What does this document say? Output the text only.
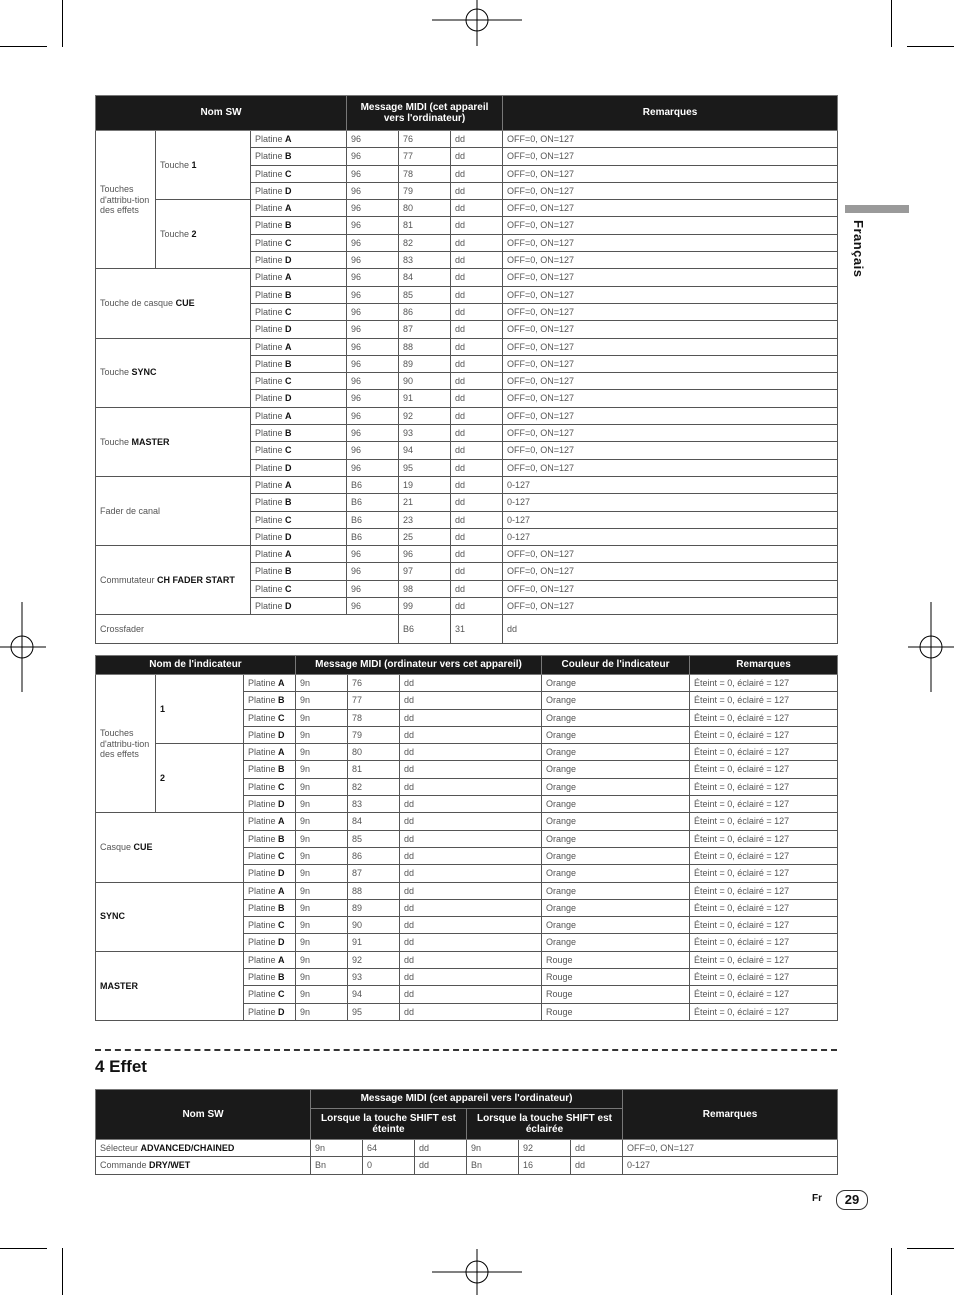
Nom SW			Message MIDI (cet appareil vers l'ordinateur)			Remarques	
Touches d'attribu-tion des effets	Touche 1	Platine A	96	76	dd	OFF=0, ON=127	
		Platine B	96	77	dd	OFF=0, ON=127	
		Platine C	96	78	dd	OFF=0, ON=127	
		Platine D	96	79	dd	OFF=0, ON=127	
	Touche 2	Platine A	96	80	dd	OFF=0, ON=127	
		Platine B	96	81	dd	OFF=0, ON=127	
		Platine C	96	82	dd	OFF=0, ON=127	
		Platine D	96	83	dd	OFF=0, ON=127	
Touche de casque CUE		Platine A	96	84	dd	OFF=0, ON=127	
		Platine B	96	85	dd	OFF=0, ON=127	
		Platine C	96	86	dd	OFF=0, ON=127	
		Platine D	96	87	dd	OFF=0, ON=127	
Touche SYNC		Platine A	96	88	dd	OFF=0, ON=127	
		Platine B	96	89	dd	OFF=0, ON=127	
		Platine C	96	90	dd	OFF=0, ON=127	
		Platine D	96	91	dd	OFF=0, ON=127	
Touche MASTER		Platine A	96	92	dd	OFF=0, ON=127	
		Platine B	96	93	dd	OFF=0, ON=127	
		Platine C	96	94	dd	OFF=0, ON=127	
		Platine D	96	95	dd	OFF=0, ON=127	
Fader de canal		Platine A	B6	19	dd	0-127	
		Platine B	B6	21	dd	0-127	
		Platine C	B6	23	dd	0-127	
		Platine D	B6	25	dd	0-127	
Commutateur CH FADER START		Platine A	96	96	dd	OFF=0, ON=127	
		Platine B	96	97	dd	OFF=0, ON=127	
		Platine C	96	98	dd	OFF=0, ON=127	
		Platine D	96	99	dd	OFF=0, ON=127	
Crossfader				B6	31	dd	
Nom de l'indicateur			Message MIDI (ordinateur vers cet appareil)			Couleur de l'indicateur	Remarques
Touches d'attribu-tion des effets	1	Platine A	9n	76	dd	Orange	Éteint = 0, éclairé = 127
		Platine B	9n	77	dd	Orange	Éteint = 0, éclairé = 127
		Platine C	9n	78	dd	Orange	Éteint = 0, éclairé = 127
		Platine D	9n	79	dd	Orange	Éteint = 0, éclairé = 127
	2	Platine A	9n	80	dd	Orange	Éteint = 0, éclairé = 127
		Platine B	9n	81	dd	Orange	Éteint = 0, éclairé = 127
		Platine C	9n	82	dd	Orange	Éteint = 0, éclairé = 127
		Platine D	9n	83	dd	Orange	Éteint = 0, éclairé = 127
Casque CUE		Platine A	9n	84	dd	Orange	Éteint = 0, éclairé = 127
		Platine B	9n	85	dd	Orange	Éteint = 0, éclairé = 127
		Platine C	9n	86	dd	Orange	Éteint = 0, éclairé = 127
		Platine D	9n	87	dd	Orange	Éteint = 0, éclairé = 127
SYNC		Platine A	9n	88	dd	Orange	Éteint = 0, éclairé = 127
		Platine B	9n	89	dd	Orange	Éteint = 0, éclairé = 127
		Platine C	9n	90	dd	Orange	Éteint = 0, éclairé = 127
		Platine D	9n	91	dd	Orange	Éteint = 0, éclairé = 127
MASTER		Platine A	9n	92	dd	Rouge	Éteint = 0, éclairé = 127
		Platine B	9n	93	dd	Rouge	Éteint = 0, éclairé = 127
		Platine C	9n	94	dd	Rouge	Éteint = 0, éclairé = 127
		Platine D	9n	95	dd	Rouge	Éteint = 0, éclairé = 127
4 Effet
Nom SW	Message MIDI (cet appareil vers l'ordinateur)						Remarques
	Lorsque la touche SHIFT est éteinte			Lorsque la touche SHIFT est éclairée			
Sélecteur ADVANCED/CHAINED	9n	64	dd	9n	92	dd	OFF=0, ON=127
Commande DRY/WET	Bn	0	dd	Bn	16	dd	0-127
Français
Fr	29
